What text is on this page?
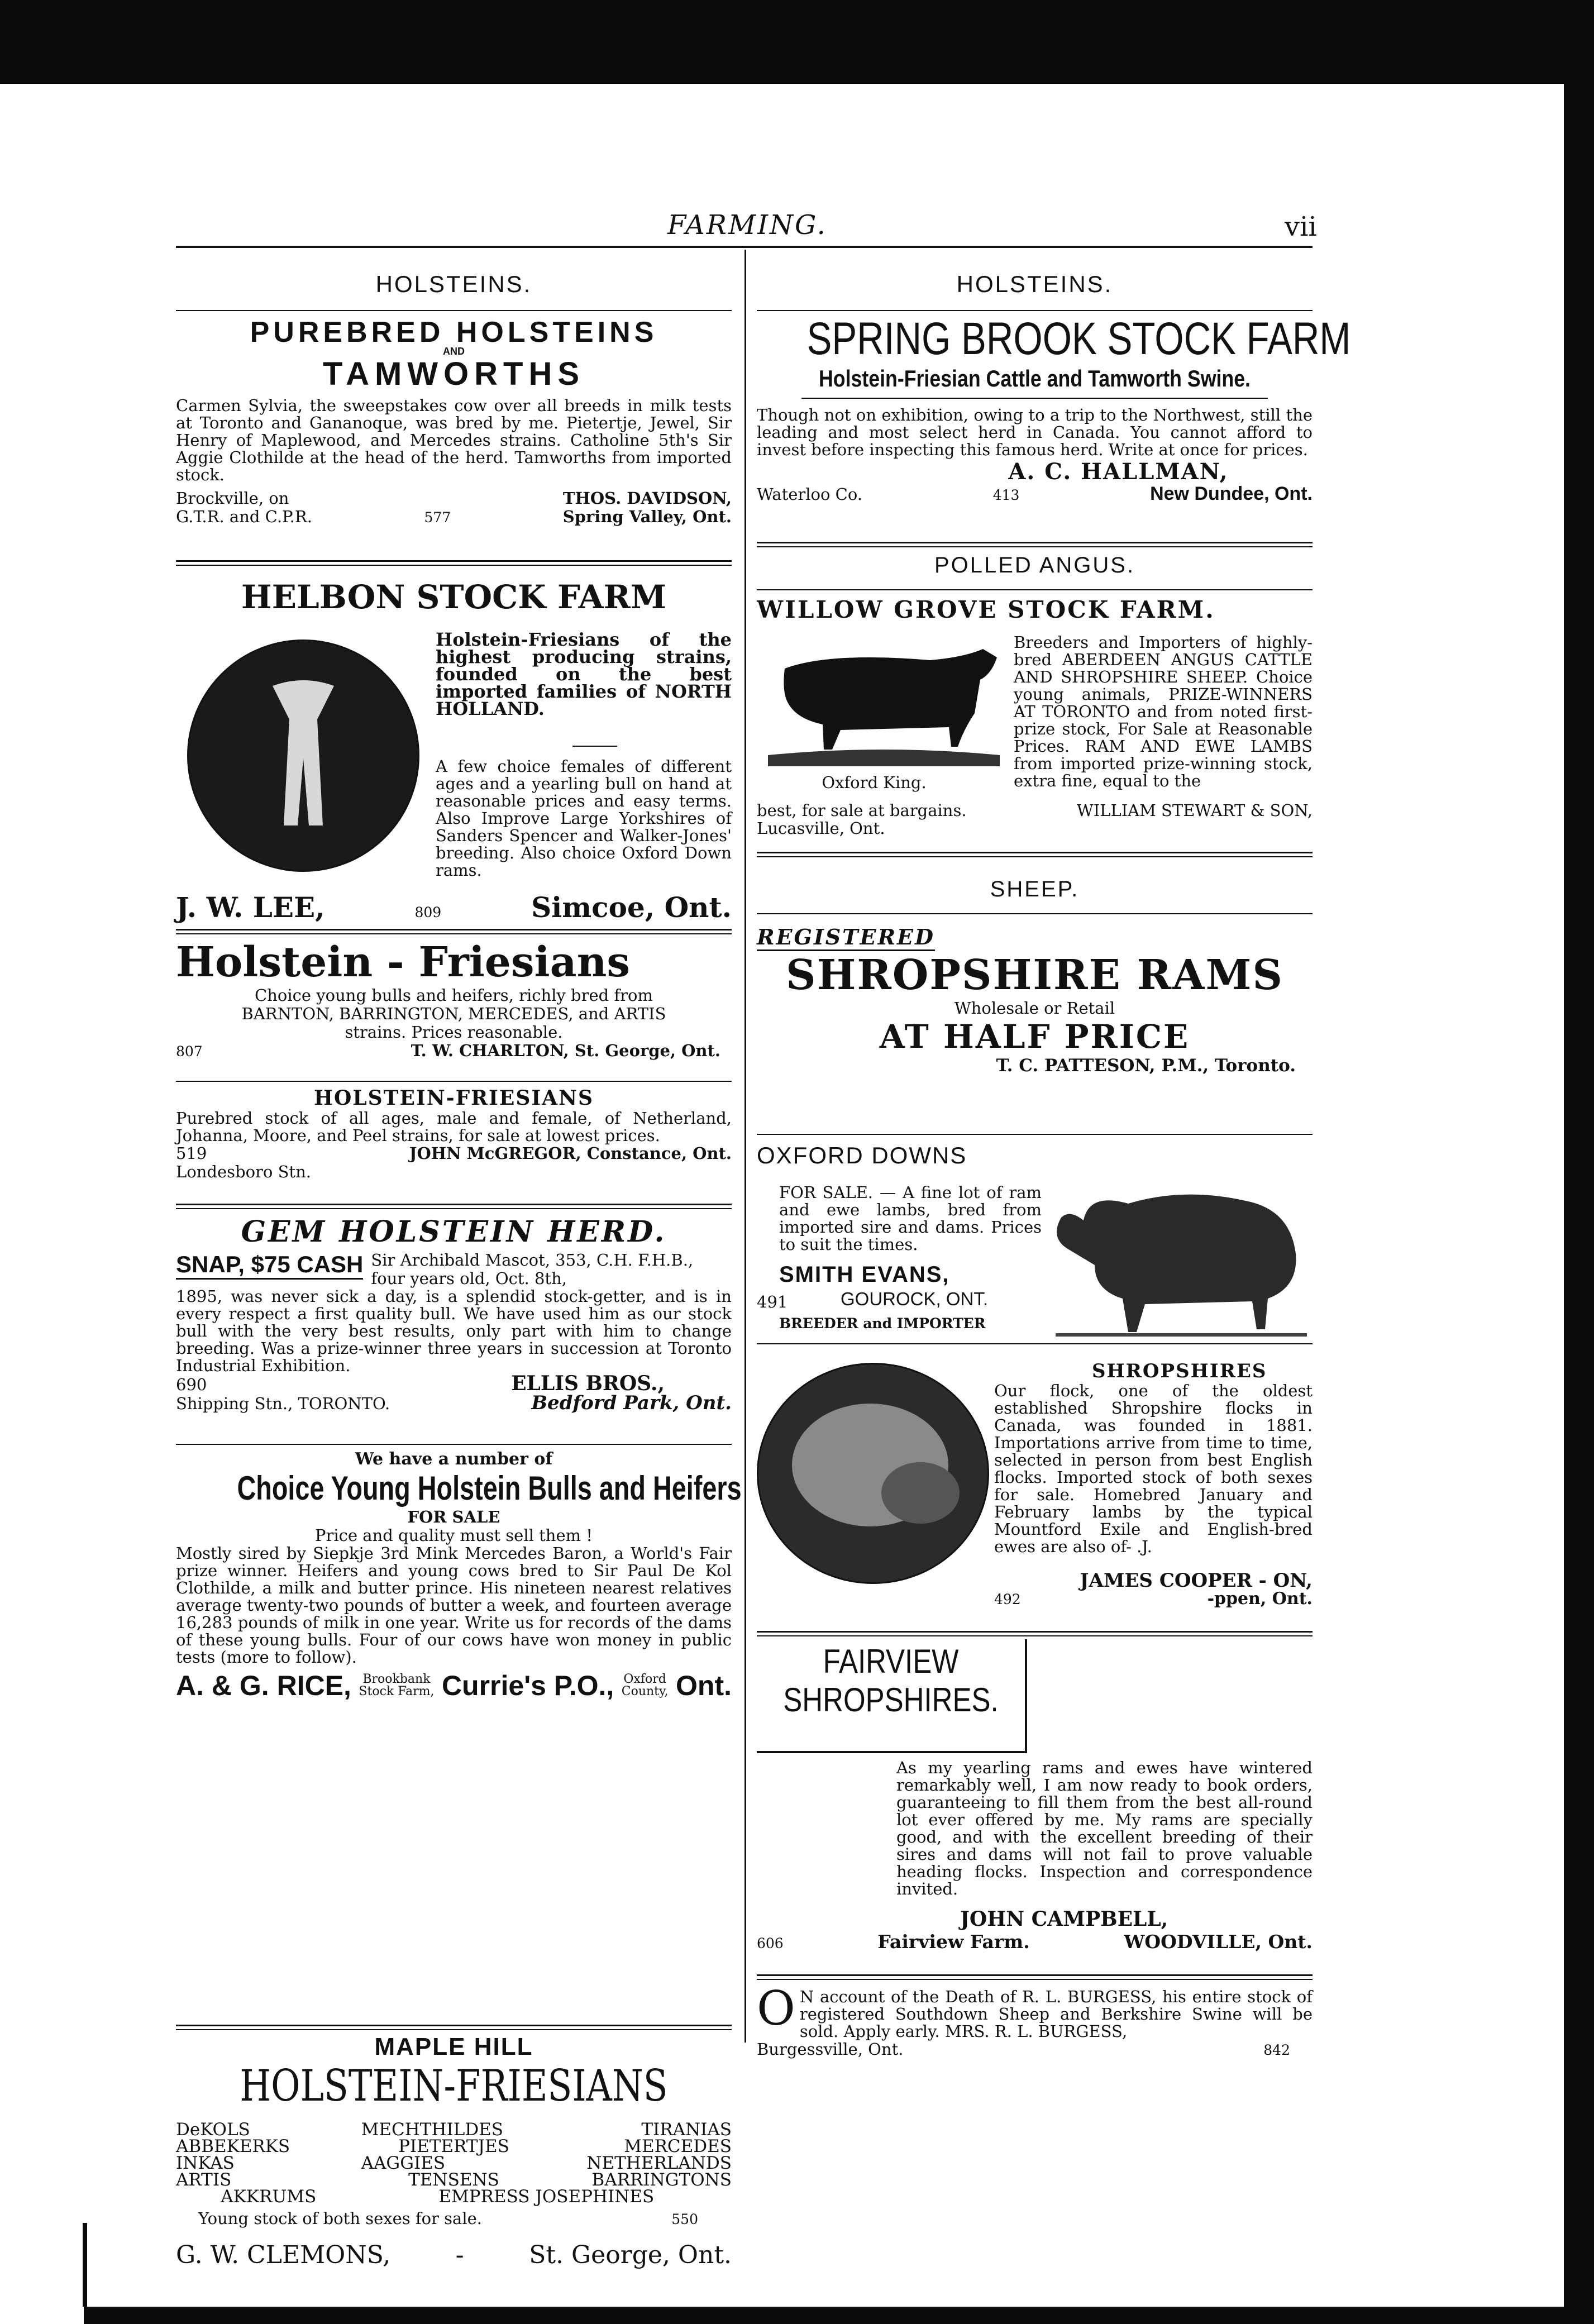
FARMING.	vii
HOLSTEINS.
PUREBRED HOLSTEINS
AND
TAMWORTHS
Carmen Sylvia, the sweepstakes cow over all breeds in milk tests at Toronto and Gananoque, was bred by me. Pietertje, Jewel, Sir Henry of Maplewood, and Mercedes strains. Catholine 5th's Sir Aggie Clothilde at the head of the herd. Tamworths from imported stock.
Brockville, on	THOS. DAVIDSON,
G.T.R. and C.P.R.	577	Spring Valley, Ont.
HELBON STOCK FARM
Holstein-Friesians of the highest producing strains, founded on the best imported families of NORTH HOLLAND.
A few choice females of different ages and a yearling bull on hand at reasonable prices and easy terms. Also Improve Large Yorkshires of Sanders Spencer and Walker-Jones' breeding. Also choice Oxford Down rams.
J. W. LEE,	809	Simcoe, Ont.
Holstein - Friesians
Choice young bulls and heifers, richly bred from BARNTON, BARRINGTON, MERCEDES, and ARTIS strains. Prices reasonable.
807	T. W. CHARLTON, St. George, Ont.
HOLSTEIN-FRIESIANS
Purebred stock of all ages, male and female, of Netherland, Johanna, Moore, and Peel strains, for sale at lowest prices.
519	JOHN McGREGOR, Constance, Ont.
Londesboro Stn.
GEM HOLSTEIN HERD.
SNAP, $75 CASH Sir Archibald Mascot, 353, C.H. F.H.B., four years old, Oct. 8th,
1895, was never sick a day, is a splendid stock-getter, and is in every respect a first quality bull. We have used him as our stock bull with the very best results, only part with him to change breeding. Was a prize-winner three years in succession at Toronto Industrial Exhibition.
690	ELLIS BROS.,
Shipping Stn., TORONTO.	Bedford Park, Ont.
We have a number of
Choice Young Holstein Bulls and Heifers
FOR SALE
Price and quality must sell them !
Mostly sired by Siepkje 3rd Mink Mercedes Baron, a World's Fair prize winner. Heifers and young cows bred to Sir Paul De Kol Clothilde, a milk and butter prince. His nineteen nearest relatives average twenty-two pounds of butter a week, and fourteen average 16,283 pounds of milk in one year. Write us for records of the dams of these young bulls. Four of our cows have won money in public tests (more to follow).
A. & G. RICE, Brookbank
Stock Farm, Currie's P.O., Oxford
County, Ont.
MAPLE HILL
HOLSTEIN-FRIESIANS
DeKOLS	MECHTHILDES	TIRANIAS
ABBEKERKS	PIETERTJES	MERCEDES
INKAS	AAGGIES	NETHERLANDS
ARTIS	TENSENS	BARRINGTONS
AKKRUMS	EMPRESS JOSEPHINES
Young stock of both sexes for sale.	550
G. W. CLEMONS,	-	St. George, Ont.
HOLSTEINS.
SPRING BROOK STOCK FARM
Holstein-Friesian Cattle and Tamworth Swine.
Though not on exhibition, owing to a trip to the Northwest, still the leading and most select herd in Canada. You cannot afford to invest before inspecting this famous herd. Write at once for prices.
A. C. HALLMAN,
Waterloo Co.	413	New Dundee, Ont.
POLLED ANGUS.
WILLOW GROVE STOCK FARM.
Oxford King.
Breeders and Importers of highly-bred ABERDEEN ANGUS CATTLE AND SHROPSHIRE SHEEP. Choice young animals, PRIZE-WINNERS AT TORONTO and from noted first-prize stock, For Sale at Reasonable Prices. RAM AND EWE LAMBS from imported prize-winning stock, extra fine, equal to the
best, for sale at bargains.	WILLIAM STEWART & SON,
Lucasville, Ont.
SHEEP.
REGISTERED
SHROPSHIRE RAMS
Wholesale or Retail
AT HALF PRICE
T. C. PATTESON, P.M., Toronto.
OXFORD DOWNS
FOR SALE. — A fine lot of ram and ewe lambs, bred from imported sire and dams. Prices to suit the times.
SMITH EVANS,
491	GOUROCK, ONT.
BREEDER and IMPORTER
SHROPSHIRES
Our flock, one of the oldest established Shropshire flocks in Canada, was founded in 1881. Importations arrive from time to time, selected in person from best English flocks. Imported stock of both sexes for sale. Homebred January and February lambs by the typical Mountford Exile and English-bred ewes are also of- .J.
JAMES COOPER - ON,
492	-ppen, Ont.
FAIRVIEW
SHROPSHIRES.
As my yearling rams and ewes have wintered remarkably well, I am now ready to book orders, guaranteeing to fill them from the best all-round lot ever offered by me. My rams are specially good, and with the excellent breeding of their sires and dams will not fail to prove valuable heading flocks. Inspection and correspondence invited.
JOHN CAMPBELL,
606	Fairview Farm.	WOODVILLE, Ont.
O N account of the Death of R. L. BURGESS, his entire stock of registered Southdown Sheep and Berkshire Swine will be sold. Apply early. MRS. R. L. BURGESS,
Burgessville, Ont.	842
